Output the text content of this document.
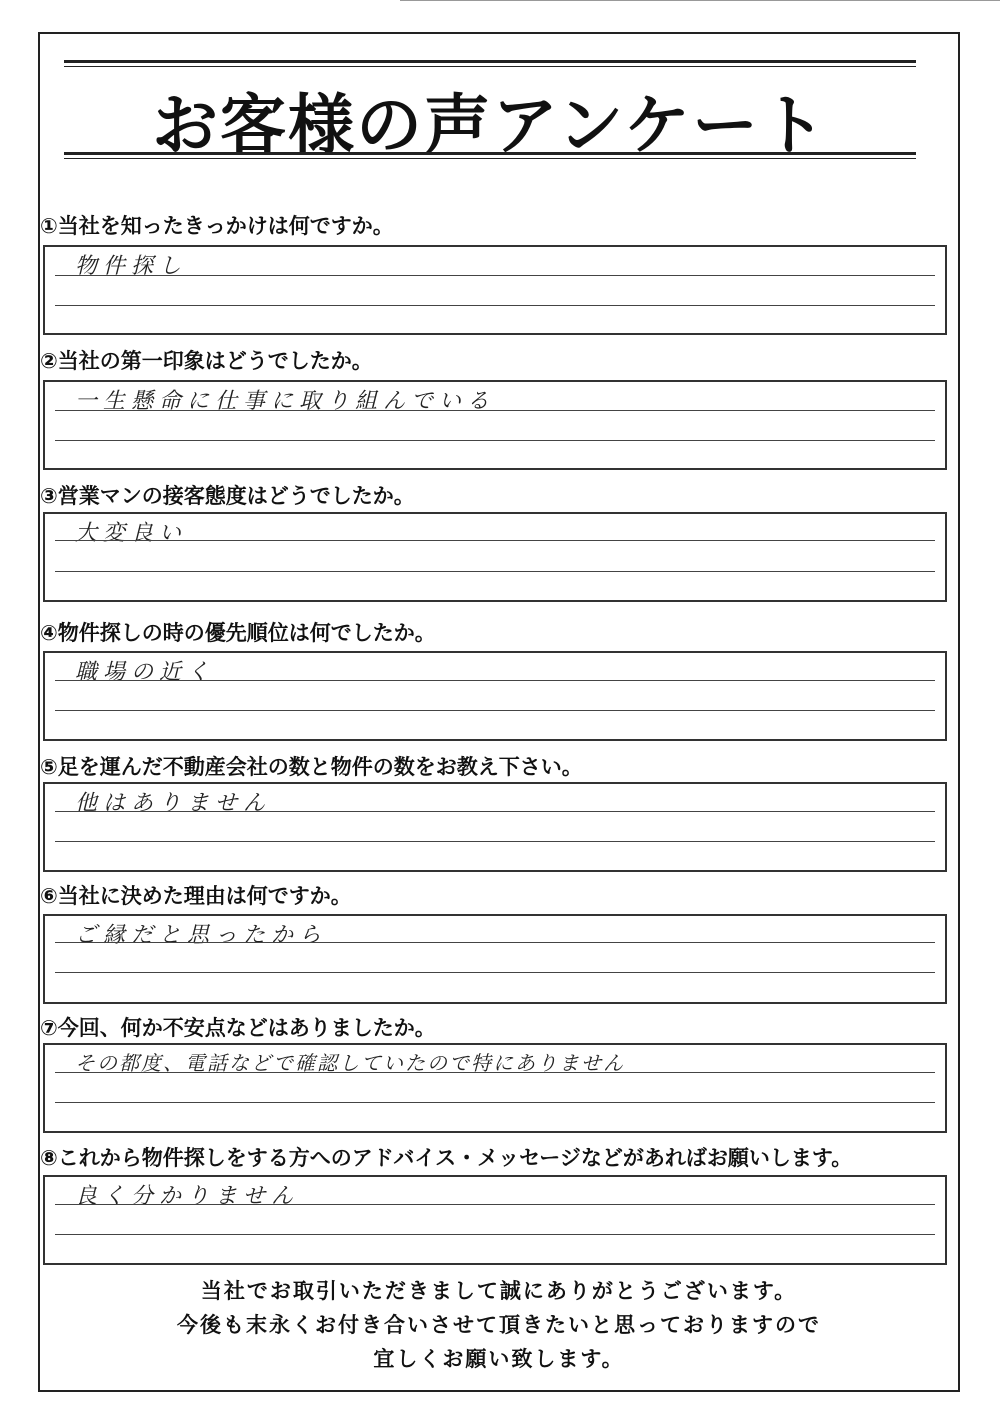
お客様の声アンケート
①当社を知ったきっかけは何ですか。
物件探し
②当社の第一印象はどうでしたか。
一生懸命に仕事に取り組んでいる
③営業マンの接客態度はどうでしたか。
大変良い
④物件探しの時の優先順位は何でしたか。
職場の近く
⑤足を運んだ不動産会社の数と物件の数をお教え下さい。
他はありません
⑥当社に決めた理由は何ですか。
ご縁だと思ったから
⑦今回、何か不安点などはありましたか。
その都度、電話などで確認していたので特にありません
⑧これから物件探しをする方へのアドバイス・メッセージなどがあればお願いします。
良く分かりません
当社でお取引いただきまして誠にありがとうございます。
今後も末永くお付き合いさせて頂きたいと思っておりますので
宜しくお願い致します。
